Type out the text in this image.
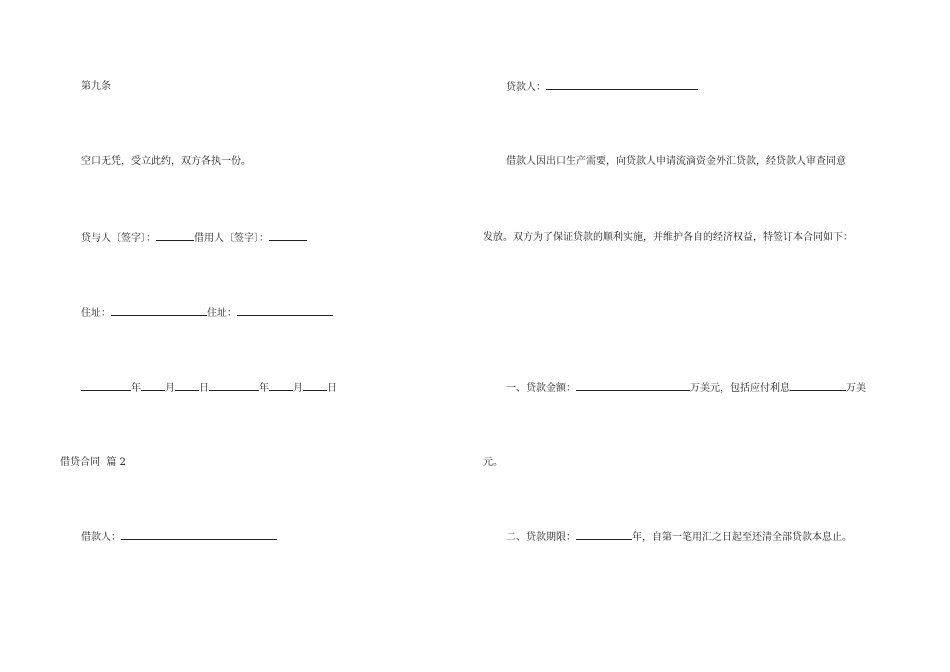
第九条
空口无凭，受立此约，双方各执一份。
贷与人〔签字〕：	借用人〔签字〕：
住址：	住址：
年 月 日	年 月 日
借贷合同  篇 2
借款人：
贷款人：
借款人因出口生产需要，向贷款人申请流滴资金外汇贷款，经贷款人审查同意
发放。双方为了保证贷款的顺利实施，并维护各自的经济权益，特签订本合同如下：
一、贷款金额：	万美元，包括应付利息	万美
元。
二、贷款期限：	年，自第一笔用汇之日起至还清全部贷款本息止。
